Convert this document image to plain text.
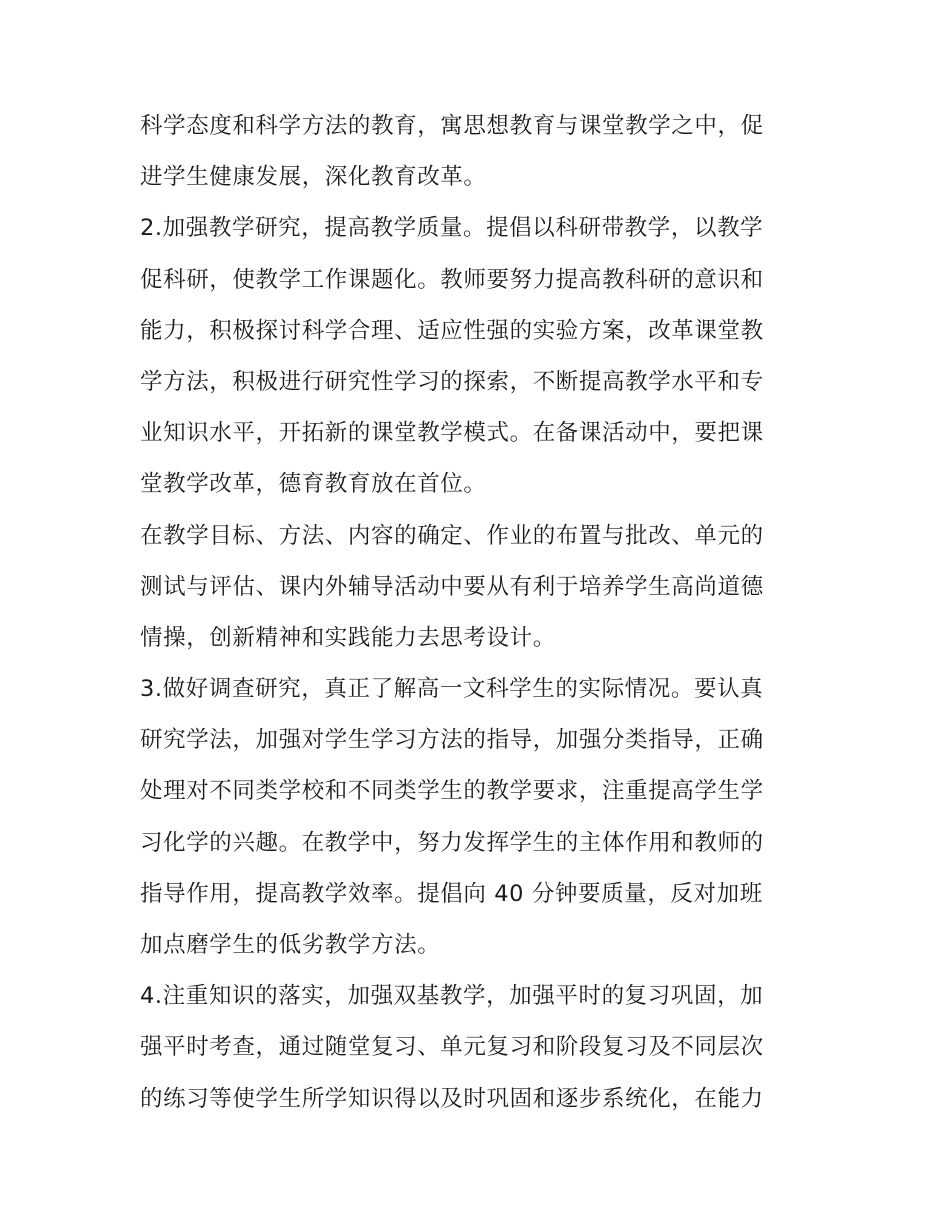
科学态度和科学方法的教育，寓思想教育与课堂教学之中，促
进学生健康发展，深化教育改革。
2.加强教学研究，提高教学质量。提倡以科研带教学，以教学
促科研，使教学工作课题化。教师要努力提高教科研的意识和
能力，积极探讨科学合理、适应性强的实验方案，改革课堂教
学方法，积极进行研究性学习的探索，不断提高教学水平和专
业知识水平，开拓新的课堂教学模式。在备课活动中，要把课
堂教学改革，德育教育放在首位。
在教学目标、方法、内容的确定、作业的布置与批改、单元的
测试与评估、课内外辅导活动中要从有利于培养学生高尚道德
情操，创新精神和实践能力去思考设计。
3.做好调查研究，真正了解高一文科学生的实际情况。要认真
研究学法，加强对学生学习方法的指导，加强分类指导，正确
处理对不同类学校和不同类学生的教学要求，注重提高学生学
习化学的兴趣。在教学中，努力发挥学生的主体作用和教师的
指导作用，提高教学效率。提倡向 40 分钟要质量，反对加班
加点磨学生的低劣教学方法。
4.注重知识的落实，加强双基教学，加强平时的复习巩固，加
强平时考查，通过随堂复习、单元复习和阶段复习及不同层次
的练习等使学生所学知识得以及时巩固和逐步系统化，在能力
